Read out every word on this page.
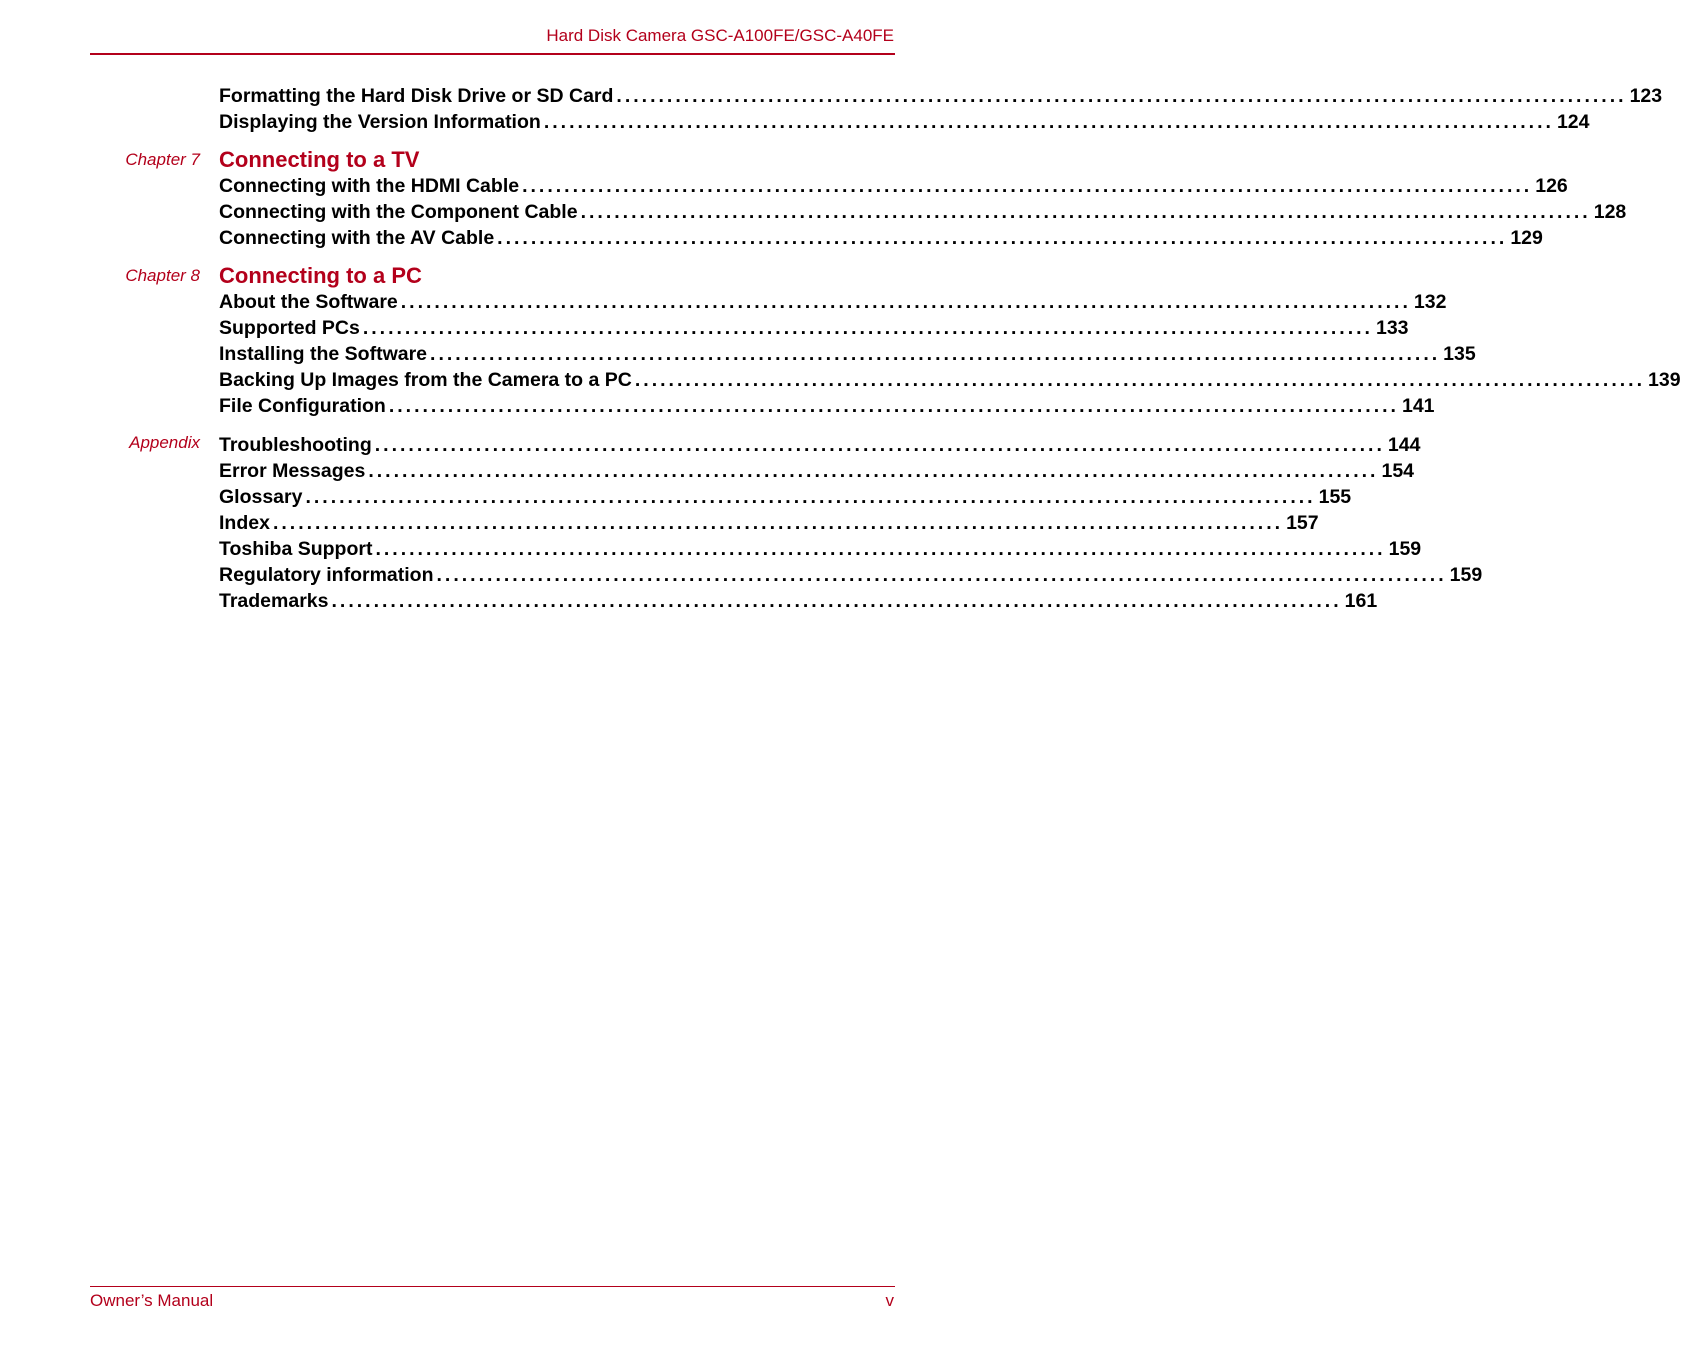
Hard Disk Camera GSC-A100FE/GSC-A40FE
Formatting the Hard Disk Drive or SD Card ........................................................................................................................ 123
Displaying the Version Information ........................................................................................................................ 124
Chapter 7 Connecting to a TV
Connecting with the HDMI Cable ........................................................................................................................ 126
Connecting with the Component Cable ........................................................................................................................ 128
Connecting with the AV Cable ........................................................................................................................ 129
Chapter 8 Connecting to a PC
About the Software ........................................................................................................................ 132
Supported PCs ........................................................................................................................ 133
Installing the Software ........................................................................................................................ 135
Backing Up Images from the Camera to a PC ........................................................................................................................ 139
File Configuration ........................................................................................................................ 141
Appendix Troubleshooting ........................................................................................................................ 144
Error Messages ........................................................................................................................ 154
Glossary ........................................................................................................................ 155
Index ........................................................................................................................ 157
Toshiba Support ........................................................................................................................ 159
Regulatory information ........................................................................................................................ 159
Trademarks ........................................................................................................................ 161
Owner’s Manual	v
